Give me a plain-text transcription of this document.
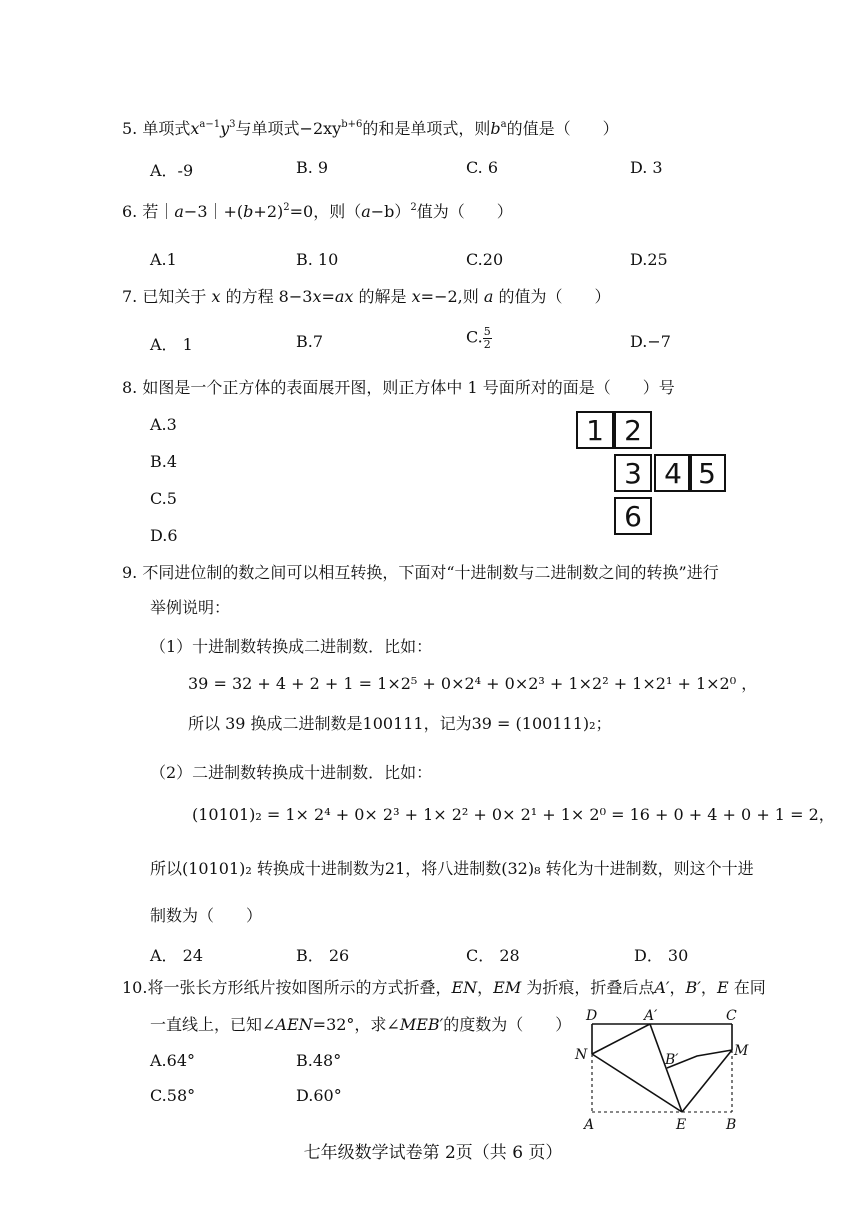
5. 单项式$x^{a-1}y^3$与单项式$-2xy^{b+6}$的和是单项式，则$b^a$的值是（　　）
A．-9	B. 9	C. 6	D. 3
6. 若$|a-3|+(b+2)^2=0$，则$(a-b)^2$值为（　　）
A.1	B. 10	C.20	D.25
7. 已知关于 x 的方程 8−3x=ax 的解是 x=−2,则 a 的值为（　　）
A． 1	B.7	C. $\frac{5}{2}$	D.−7
8. 如图是一个正方体的表面展开图，则正方体中 1 号面所对的面是（　　）号
A.3
B.4
C.5
D.6
1 2
3 4 5
6
9. 不同进位制的数之间可以相互转换，下面对“十进制数与二进制数之间的转换”进行
举例说明：
（1）十进制数转换成二进制数．比如：
39 = 32 + 4 + 2 + 1 = 1×2⁵ + 0×2⁴ + 0×2³ + 1×2² + 1×2¹ + 1×2⁰ ，
所以 39 换成二进制数是100111，记为39 = (100111)₂；
（2）二进制数转换成十进制数．比如：
(10101)₂ = 1× 2⁴ + 0× 2³ + 1× 2² + 0× 2¹ + 1× 2⁰ = 16 + 0 + 4 + 0 + 1 = 2，
所以(10101)₂ 转换成十进制数为21，将八进制数(32)₈ 转化为十进制数，则这个十进
制数为（　　）
A． 24	B． 26	C． 28	D． 30
10.将一张长方形纸片按如图所示的方式折叠，EN，EM 为折痕，折叠后点A′，B′，E 在同
一直线上，已知∠AEN=32°，求∠MEB′的度数为（　　）
A.64°	B.48°
C.58°	D.60°
D	A′	C
N	B′
M
A	E	B
七年级数学试卷第 2页（共 6 页）
